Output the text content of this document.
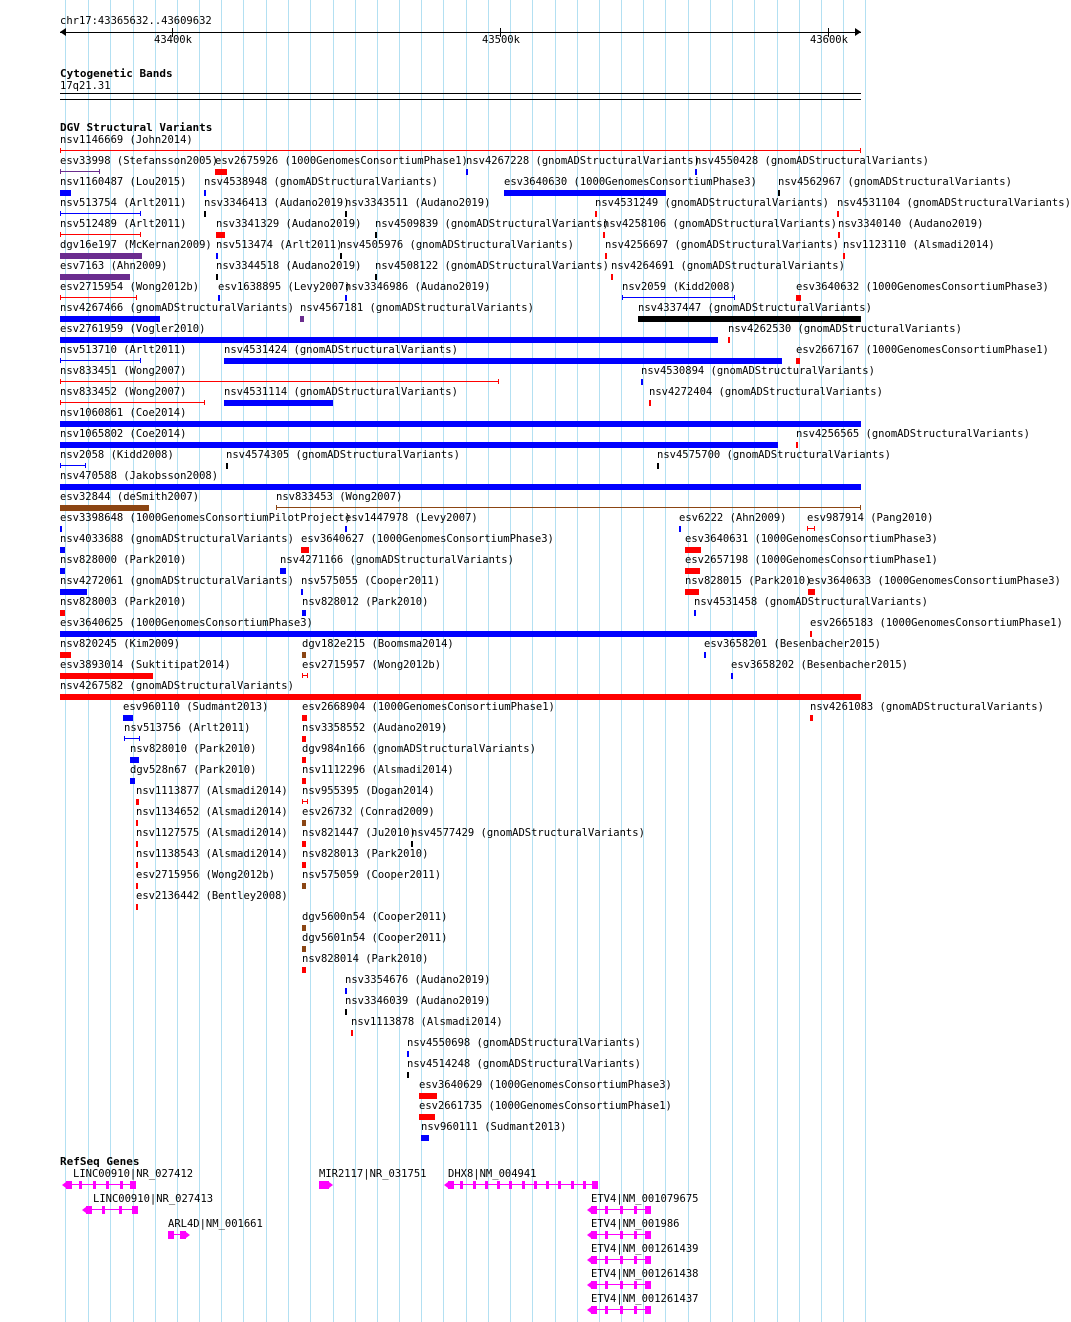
chr17:43365632..43609632
43400k	43500k	43600k
Cytogenetic Bands
17q21.31
DGV Structural Variants
nsv1146669 (John2014)
esv33998 (Stefansson2005)
esv2675926 (1000GenomesConsortiumPhase1)
nsv4267228 (gnomADStructuralVariants)
nsv4550428 (gnomADStructuralVariants)
nsv1160487 (Lou2015) nsv4538948 (gnomADStructuralVariants)	esv3640630 (1000GenomesConsortiumPhase3) nsv4562967 (gnomADStructuralVariants)
nsv513754 (Arlt2011) nsv3346413 (Audano2019)
nsv3343511 (Audano2019)	nsv4531249 (gnomADStructuralVariants) nsv4531104 (gnomADStructuralVariants)
nsv512489 (Arlt2011)	nsv3341329 (Audano2019) nsv4509839 (gnomADStructuralVariants)
nsv4258106 (gnomADStructuralVariants) nsv3340140 (Audano2019)
dgv16e197 (McKernan2009) nsv513474 (Arlt2011)
nsv4505976 (gnomADStructuralVariants)	nsv4256697 (gnomADStructuralVariants) nsv1123110 (Alsmadi2014)
esv7163 (Ahn2009)	nsv3344518 (Audano2019) nsv4508122 (gnomADStructuralVariants) nsv4264691 (gnomADStructuralVariants)
esv2715954 (Wong2012b) esv1638895 (Levy2007)
nsv3346986 (Audano2019)	nsv2059 (Kidd2008)	esv3640632 (1000GenomesConsortiumPhase3)
nsv4267466 (gnomADStructuralVariants) nsv4567181 (gnomADStructuralVariants)	nsv4337447 (gnomADStructuralVariants)
esv2761959 (Vogler2010)	nsv4262530 (gnomADStructuralVariants)
nsv513710 (Arlt2011)	nsv4531424 (gnomADStructuralVariants)	esv2667167 (1000GenomesConsortiumPhase1)
nsv833451 (Wong2007)	nsv4530894 (gnomADStructuralVariants)
nsv833452 (Wong2007)	nsv4531114 (gnomADStructuralVariants)	nsv4272404 (gnomADStructuralVariants)
nsv1060861 (Coe2014)
nsv1065802 (Coe2014)	nsv4256565 (gnomADStructuralVariants)
nsv2058 (Kidd2008)	nsv4574305 (gnomADStructuralVariants)	nsv4575700 (gnomADStructuralVariants)
nsv470588 (Jakobsson2008)
esv32844 (deSmith2007)	nsv833453 (Wong2007)
esv3398648 (1000GenomesConsortiumPilotProject)
esv1447978 (Levy2007)	esv6222 (Ahn2009) esv987914 (Pang2010)
nsv4033688 (gnomADStructuralVariants) esv3640627 (1000GenomesConsortiumPhase3)	esv3640631 (1000GenomesConsortiumPhase3)
nsv828000 (Park2010)	nsv4271166 (gnomADStructuralVariants)	esv2657198 (1000GenomesConsortiumPhase1)
nsv4272061 (gnomADStructuralVariants) nsv575055 (Cooper2011)	nsv828015 (Park2010)
esv3640633 (1000GenomesConsortiumPhase3)
nsv828003 (Park2010)	nsv828012 (Park2010)	nsv4531458 (gnomADStructuralVariants)
esv3640625 (1000GenomesConsortiumPhase3)	esv2665183 (1000GenomesConsortiumPhase1)
nsv820245 (Kim2009)	dgv182e215 (Boomsma2014)	esv3658201 (Besenbacher2015)
esv3893014 (Suktitipat2014)	esv2715957 (Wong2012b)	esv3658202 (Besenbacher2015)
nsv4267582 (gnomADStructuralVariants)
esv960110 (Sudmant2013)	esv2668904 (1000GenomesConsortiumPhase1)	nsv4261083 (gnomADStructuralVariants)
nsv513756 (Arlt2011)	nsv3358552 (Audano2019)
nsv828010 (Park2010)	dgv984n166 (gnomADStructuralVariants)
dgv528n67 (Park2010)	nsv1112296 (Alsmadi2014)
nsv1113877 (Alsmadi2014) nsv955395 (Dogan2014)
nsv1134652 (Alsmadi2014) esv26732 (Conrad2009)
nsv1127575 (Alsmadi2014) nsv821447 (Ju2010)
nsv4577429 (gnomADStructuralVariants)
nsv1138543 (Alsmadi2014) nsv828013 (Park2010)
esv2715956 (Wong2012b)	nsv575059 (Cooper2011)
esv2136442 (Bentley2008)
dgv5600n54 (Cooper2011)
dgv5601n54 (Cooper2011)
nsv828014 (Park2010)
nsv3354676 (Audano2019)
nsv3346039 (Audano2019)
nsv1113878 (Alsmadi2014)
nsv4550698 (gnomADStructuralVariants)
nsv4514248 (gnomADStructuralVariants)
esv3640629 (1000GenomesConsortiumPhase3)
esv2661735 (1000GenomesConsortiumPhase1)
nsv960111 (Sudmant2013)
RefSeq Genes
LINC00910|NR_027412	MIR2117|NR_031751 DHX8|NM_004941
LINC00910|NR_027413	ETV4|NM_001079675
ARL4D|NM_001661	ETV4|NM_001986
ETV4|NM_001261439
ETV4|NM_001261438
ETV4|NM_001261437
